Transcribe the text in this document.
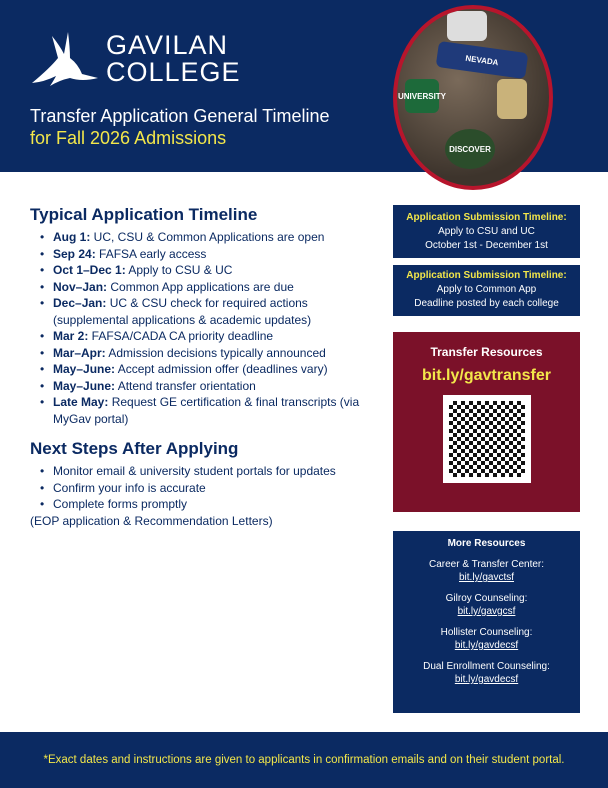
GAVILAN
COLLEGE
Transfer Application General Timeline
for Fall 2026 Admissions
NEVADA
UNIVERSITY
DISCOVER
Typical Application Timeline
• Aug 1: UC, CSU & Common Applications are open
• Sep 24: FAFSA early access
• Oct 1–Dec 1: Apply to CSU & UC
• Nov–Jan: Common App applications are due
• Dec–Jan: UC & CSU check for required actions (supplemental applications & academic updates)
• Mar 2: FAFSA/CADA CA priority deadline
• Mar–Apr: Admission decisions typically announced
• May–June: Accept admission offer (deadlines vary)
• May–June: Attend transfer orientation
• Late May: Request GE certification & final transcripts (via MyGav portal)
Next Steps After Applying
• Monitor email & university student portals for updates
• Confirm your info is accurate
• Complete forms promptly
(EOP application & Recommendation Letters)
Application Submission Timeline:
Apply to CSU and UC
October 1st - December 1st
Application Submission Timeline:
Apply to Common App
Deadline posted by each college
Transfer Resources
bit.ly/gavtransfer
More Resources
Career & Transfer Center:
bit.ly/gavctsf
Gilroy Counseling:
bit.ly/gavgcsf
Hollister Counseling:
bit.ly/gavdecsf
Dual Enrollment Counseling:
bit.ly/gavdecsf
*Exact dates and instructions are given to applicants in confirmation emails and on their student portal.
